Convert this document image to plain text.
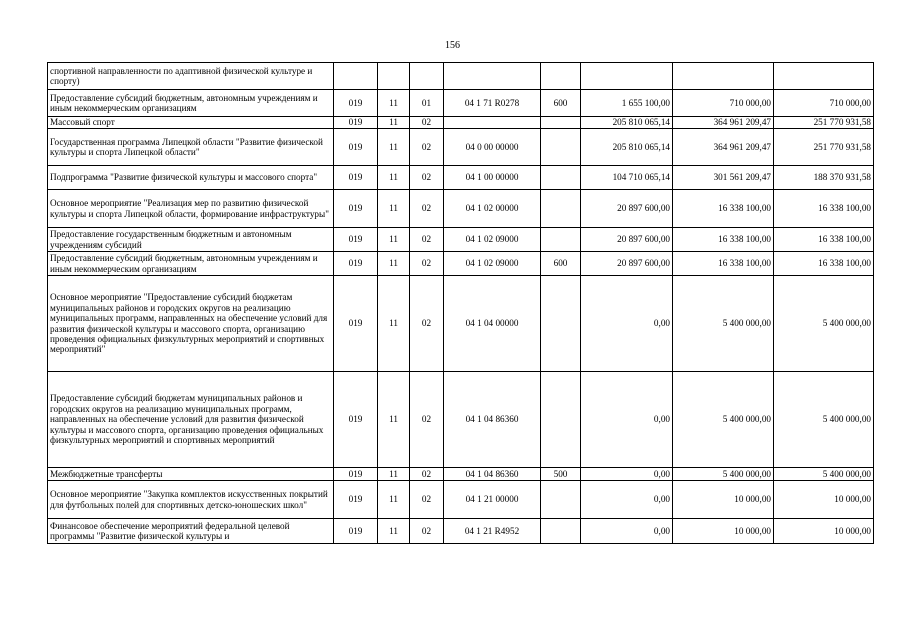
156
спортивной направленности по адаптивной физической культуре и спорту)								
Предоставление субсидий бюджетным, автономным учреждениям и иным некоммерческим организациям	019	11	01	04 1 71 R0278	600	1 655 100,00	710 000,00	710 000,00
Массовый спорт	019	11	02			205 810 065,14	364 961 209,47	251 770 931,58
Государственная программа Липецкой области "Развитие физической культуры и спорта Липецкой области"	019	11	02	04 0 00 00000		205 810 065,14	364 961 209,47	251 770 931,58
Подпрограмма "Развитие физической культуры и массового спорта"	019	11	02	04 1 00 00000		104 710 065,14	301 561 209,47	188 370 931,58
Основное мероприятие "Реализация мер по развитию физической культуры и спорта Липецкой области, формирование инфраструктуры"	019	11	02	04 1 02 00000		20 897 600,00	16 338 100,00	16 338 100,00
Предоставление государственным бюджетным и автономным учреждениям субсидий	019	11	02	04 1 02 09000		20 897 600,00	16 338 100,00	16 338 100,00
Предоставление субсидий бюджетным, автономным учреждениям и иным некоммерческим организациям	019	11	02	04 1 02 09000	600	20 897 600,00	16 338 100,00	16 338 100,00
Основное мероприятие "Предоставление субсидий бюджетам муниципальных районов и городских округов на реализацию муниципальных программ, направленных на обеспечение условий для развития физической культуры и массового спорта, организацию проведения официальных физкультурных мероприятий и спортивных мероприятий"	019	11	02	04 1 04 00000		0,00	5 400 000,00	5 400 000,00
Предоставление субсидий бюджетам муниципальных районов и городских округов на реализацию муниципальных программ, направленных на обеспечение условий для развития физической культуры и массового спорта, организацию проведения официальных физкультурных мероприятий и спортивных мероприятий	019	11	02	04 1 04 86360		0,00	5 400 000,00	5 400 000,00
Межбюджетные трансферты	019	11	02	04 1 04 86360	500	0,00	5 400 000,00	5 400 000,00
Основное мероприятие "Закупка комплектов искусственных покрытий для футбольных полей для спортивных детско-юношеских школ"	019	11	02	04 1 21 00000		0,00	10 000,00	10 000,00
Финансовое обеспечение мероприятий федеральной целевой программы "Развитие физической культуры и	019	11	02	04 1 21 R4952		0,00	10 000,00	10 000,00
